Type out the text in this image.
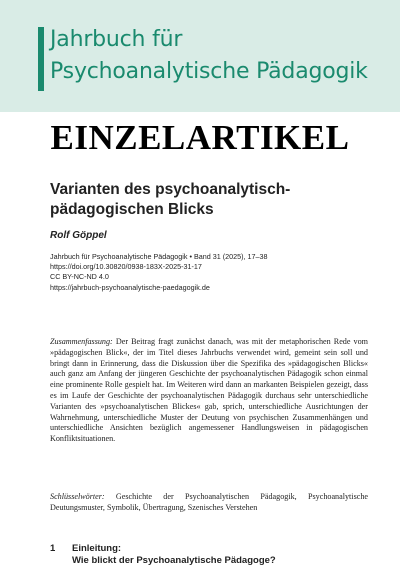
Jahrbuch für
Psychoanalytische Pädagogik
EINZELARTIKEL
Varianten des psychoanalytisch-
pädagogischen Blicks
Rolf Göppel
Jahrbuch für Psychoanalytische Pädagogik • Band 31 (2025), 17–38
https://doi.org/10.30820/0938-183X-2025-31-17
CC BY-NC-ND 4.0
https://jahrbuch-psychoanalytische-paedagogik.de
Zusammenfassung: Der Beitrag fragt zunächst danach, was mit der metaphorischen Rede vom »pädagogischen Blick«, der im Titel dieses Jahrbuchs verwendet wird, gemeint sein soll und bringt dann in Erinnerung, dass die Diskussion über die Spezifika des »pädagogischen Blicks« auch ganz am Anfang der jüngeren Geschichte der psychoanalytischen Pädagogik schon einmal eine prominente Rolle gespielt hat. Im Weiteren wird dann an markanten Beispielen gezeigt, dass es im Laufe der Geschichte der psychoanalytischen Pädagogik durchaus sehr unterschiedliche Varianten des »psychoanalytischen Blickes« gab, sprich, unterschiedliche Ausrichtungen der Wahrnehmung, unterschiedliche Muster der Deutung von psychischen Zusammenhängen und unterschiedliche Ansichten bezüglich angemessener Handlungsweisen in pädagogischen Konfliktsituationen.
Schlüsselwörter: Geschichte der Psychoanalytischen Pädagogik, Psychoanalytische Deutungsmuster, Symbolik, Übertragung, Szenisches Verstehen
1 Einleitung:
Wie blickt der Psychoanalytische Pädagoge?
